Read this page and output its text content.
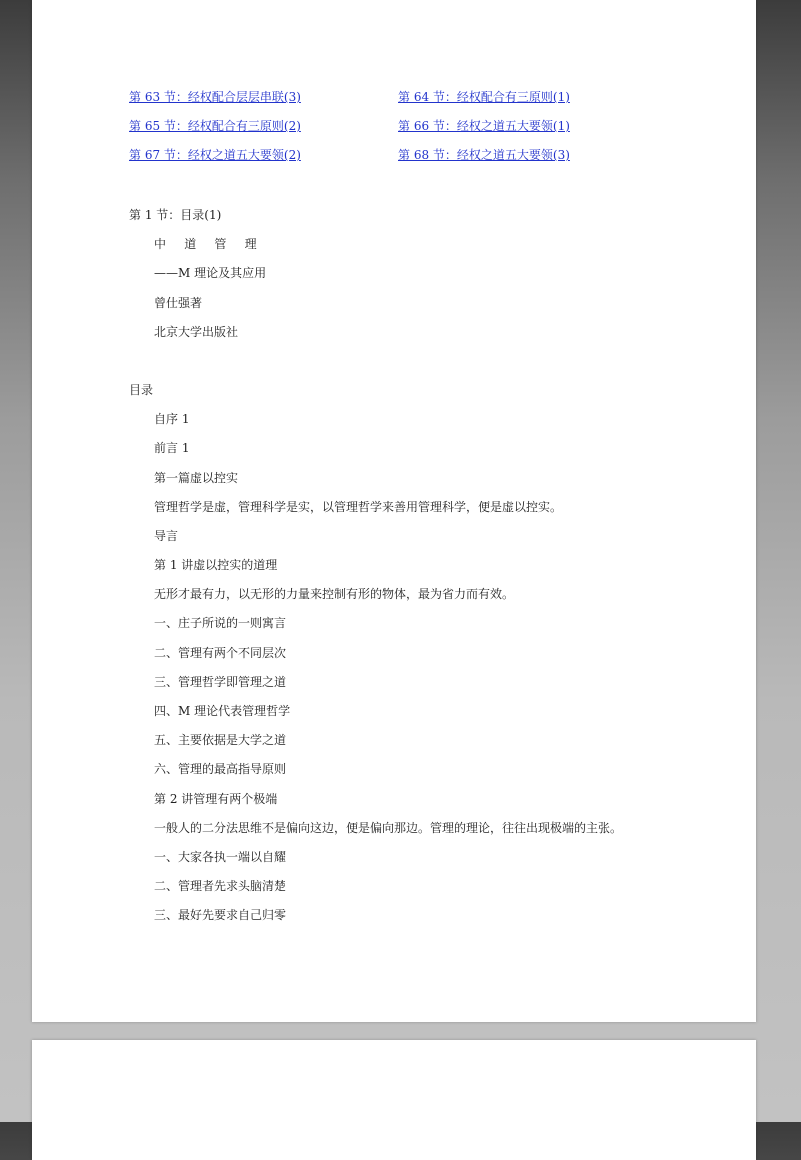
第 63 节：经权配合层层串联(3)	第 64 节：经权配合有三原则(1)
第 65 节：经权配合有三原则(2)	第 66 节：经权之道五大要领(1)
第 67 节：经权之道五大要领(2)	第 68 节：经权之道五大要领(3)
第 1 节：目录(1)
中 道 管 理
——M 理论及其应用
曾仕强著
北京大学出版社
目录
自序 1
前言 1
第一篇虚以控实
管理哲学是虚，管理科学是实，以管理哲学来善用管理科学，便是虚以控实。
导言
第 1 讲虚以控实的道理
无形才最有力，以无形的力量来控制有形的物体，最为省力而有效。
一、庄子所说的一则寓言
二、管理有两个不同层次
三、管理哲学即管理之道
四、M 理论代表管理哲学
五、主要依据是大学之道
六、管理的最高指导原则
第 2 讲管理有两个极端
一般人的二分法思维不是偏向这边，便是偏向那边。管理的理论，往往出现极端的主张。
一、大家各执一端以自耀
二、管理者先求头脑清楚
三、最好先要求自己归零
